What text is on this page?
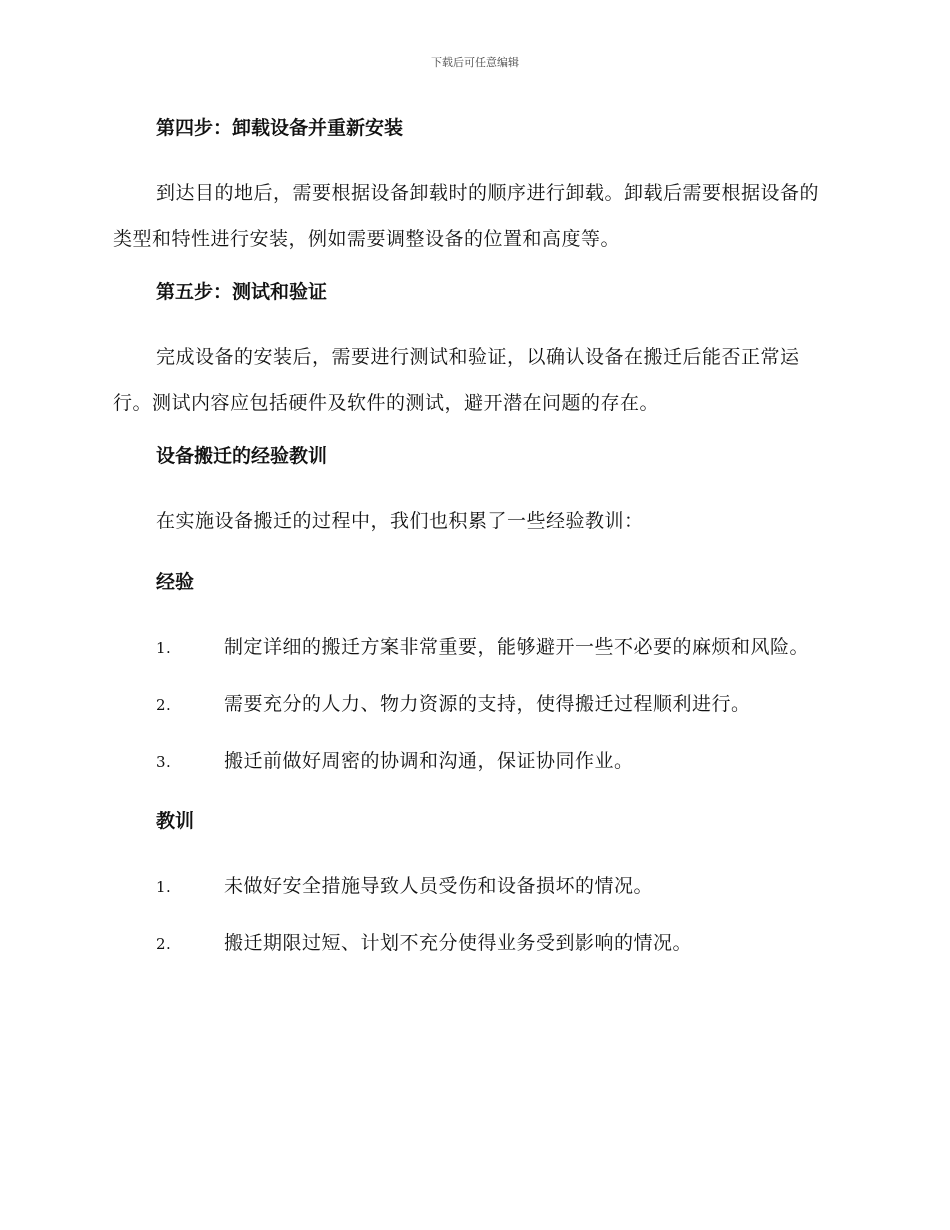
下载后可任意编辑
第四步：卸载设备并重新安装
到达目的地后，需要根据设备卸载时的顺序进行卸载。卸载后需要根据设备的类型和特性进行安装，例如需要调整设备的位置和高度等。
第五步：测试和验证
完成设备的安装后，需要进行测试和验证，以确认设备在搬迁后能否正常运行。测试内容应包括硬件及软件的测试，避开潜在问题的存在。
设备搬迁的经验教训
在实施设备搬迁的过程中，我们也积累了一些经验教训：
经验
1.	制定详细的搬迁方案非常重要，能够避开一些不必要的麻烦和风险。
2.	需要充分的人力、物力资源的支持，使得搬迁过程顺利进行。
3.	搬迁前做好周密的协调和沟通，保证协同作业。
教训
1.	未做好安全措施导致人员受伤和设备损坏的情况。
2.	搬迁期限过短、计划不充分使得业务受到影响的情况。
